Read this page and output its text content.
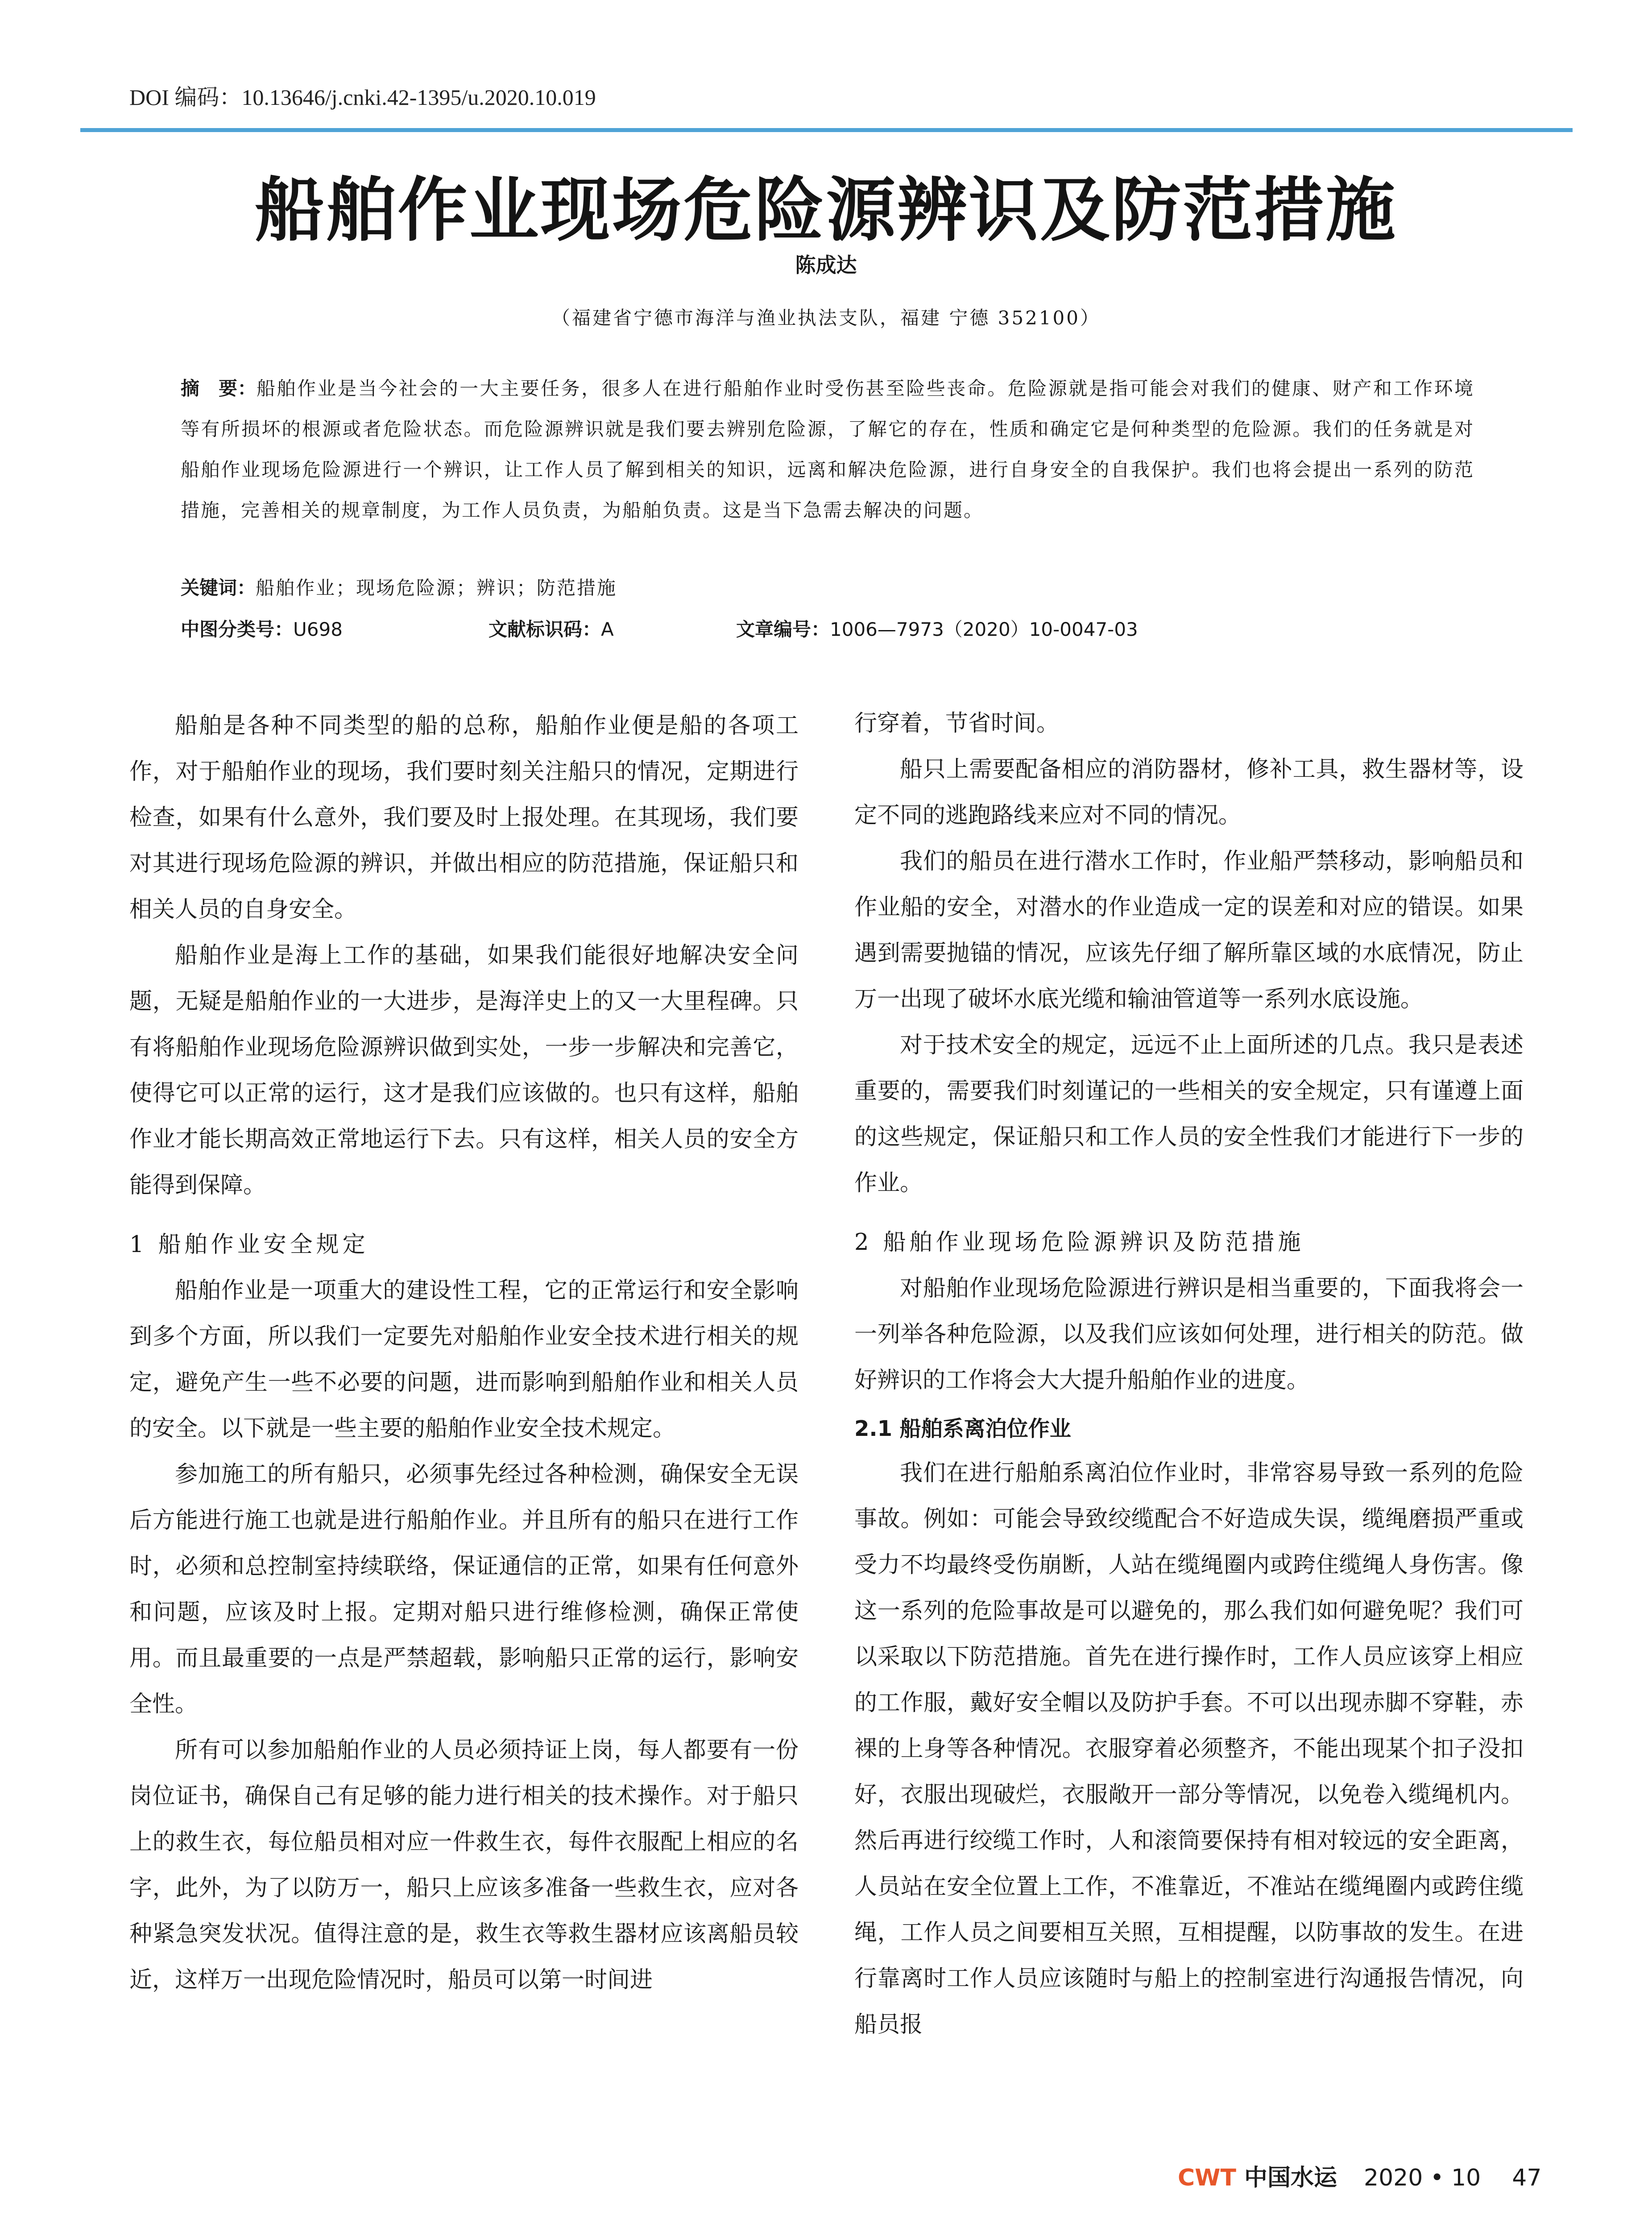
DOI 编码：10.13646/j.cnki.42-1395/u.2020.10.019
船舶作业现场危险源辨识及防范措施
陈成达
（福建省宁德市海洋与渔业执法支队，福建 宁德 352100）
摘　要：船舶作业是当今社会的一大主要任务，很多人在进行船舶作业时受伤甚至险些丧命。危险源就是指可能会对我们的健康、财产和工作环境等有所损坏的根源或者危险状态。而危险源辨识就是我们要去辨别危险源，了解它的存在，性质和确定它是何种类型的危险源。我们的任务就是对船舶作业现场危险源进行一个辨识，让工作人员了解到相关的知识，远离和解决危险源，进行自身安全的自我保护。我们也将会提出一系列的防范措施，完善相关的规章制度，为工作人员负责，为船舶负责。这是当下急需去解决的问题。
关键词：船舶作业；现场危险源；辨识；防范措施
中图分类号：U698	文献标识码：A	文章编号：1006—7973（2020）10-0047-03

船舶是各种不同类型的船的总称，船舶作业便是船的各项工作，对于船舶作业的现场，我们要时刻关注船只的情况，定期进行检查，如果有什么意外，我们要及时上报处理。在其现场，我们要对其进行现场危险源的辨识，并做出相应的防范措施，保证船只和相关人员的自身安全。

船舶作业是海上工作的基础，如果我们能很好地解决安全问题，无疑是船舶作业的一大进步，是海洋史上的又一大里程碑。只有将船舶作业现场危险源辨识做到实处，一步一步解决和完善它，使得它可以正常的运行，这才是我们应该做的。也只有这样，船舶作业才能长期高效正常地运行下去。只有这样，相关人员的安全方能得到保障。

1 船舶作业安全规定

船舶作业是一项重大的建设性工程，它的正常运行和安全影响到多个方面，所以我们一定要先对船舶作业安全技术进行相关的规定，避免产生一些不必要的问题，进而影响到船舶作业和相关人员的安全。以下就是一些主要的船舶作业安全技术规定。

参加施工的所有船只，必须事先经过各种检测，确保安全无误后方能进行施工也就是进行船舶作业。并且所有的船只在进行工作时，必须和总控制室持续联络，保证通信的正常，如果有任何意外和问题，应该及时上报。定期对船只进行维修检测，确保正常使用。而且最重要的一点是严禁超载，影响船只正常的运行，影响安全性。

所有可以参加船舶作业的人员必须持证上岗，每人都要有一份岗位证书，确保自己有足够的能力进行相关的技术操作。对于船只上的救生衣，每位船员相对应一件救生衣，每件衣服配上相应的名字，此外，为了以防万一，船只上应该多准备一些救生衣，应对各种紧急突发状况。值得注意的是，救生衣等救生器材应该离船员较近，这样万一出现危险情况时，船员可以第一时间进

行穿着，节省时间。

船只上需要配备相应的消防器材，修补工具，救生器材等，设定不同的逃跑路线来应对不同的情况。

我们的船员在进行潜水工作时，作业船严禁移动，影响船员和作业船的安全，对潜水的作业造成一定的误差和对应的错误。如果遇到需要抛锚的情况，应该先仔细了解所靠区域的水底情况，防止万一出现了破坏水底光缆和输油管道等一系列水底设施。

对于技术安全的规定，远远不止上面所述的几点。我只是表述重要的，需要我们时刻谨记的一些相关的安全规定，只有谨遵上面的这些规定，保证船只和工作人员的安全性我们才能进行下一步的作业。

2 船舶作业现场危险源辨识及防范措施

对船舶作业现场危险源进行辨识是相当重要的，下面我将会一一列举各种危险源，以及我们应该如何处理，进行相关的防范。做好辨识的工作将会大大提升船舶作业的进度。

2.1 船舶系离泊位作业

我们在进行船舶系离泊位作业时，非常容易导致一系列的危险事故。例如：可能会导致绞缆配合不好造成失误，缆绳磨损严重或受力不均最终受伤崩断，人站在缆绳圈内或跨住缆绳人身伤害。像这一系列的危险事故是可以避免的，那么我们如何避免呢？我们可以采取以下防范措施。首先在进行操作时，工作人员应该穿上相应的工作服，戴好安全帽以及防护手套。不可以出现赤脚不穿鞋，赤裸的上身等各种情况。衣服穿着必须整齐，不能出现某个扣子没扣好，衣服出现破烂，衣服敞开一部分等情况，以免卷入缆绳机内。然后再进行绞缆工作时，人和滚筒要保持有相对较远的安全距离，人员站在安全位置上工作，不准靠近，不准站在缆绳圈内或跨住缆绳，工作人员之间要相互关照，互相提醒，以防事故的发生。在进行靠离时工作人员应该随时与船上的控制室进行沟通报告情况，向船员报

CWT 中国水运 2020 • 10 47
